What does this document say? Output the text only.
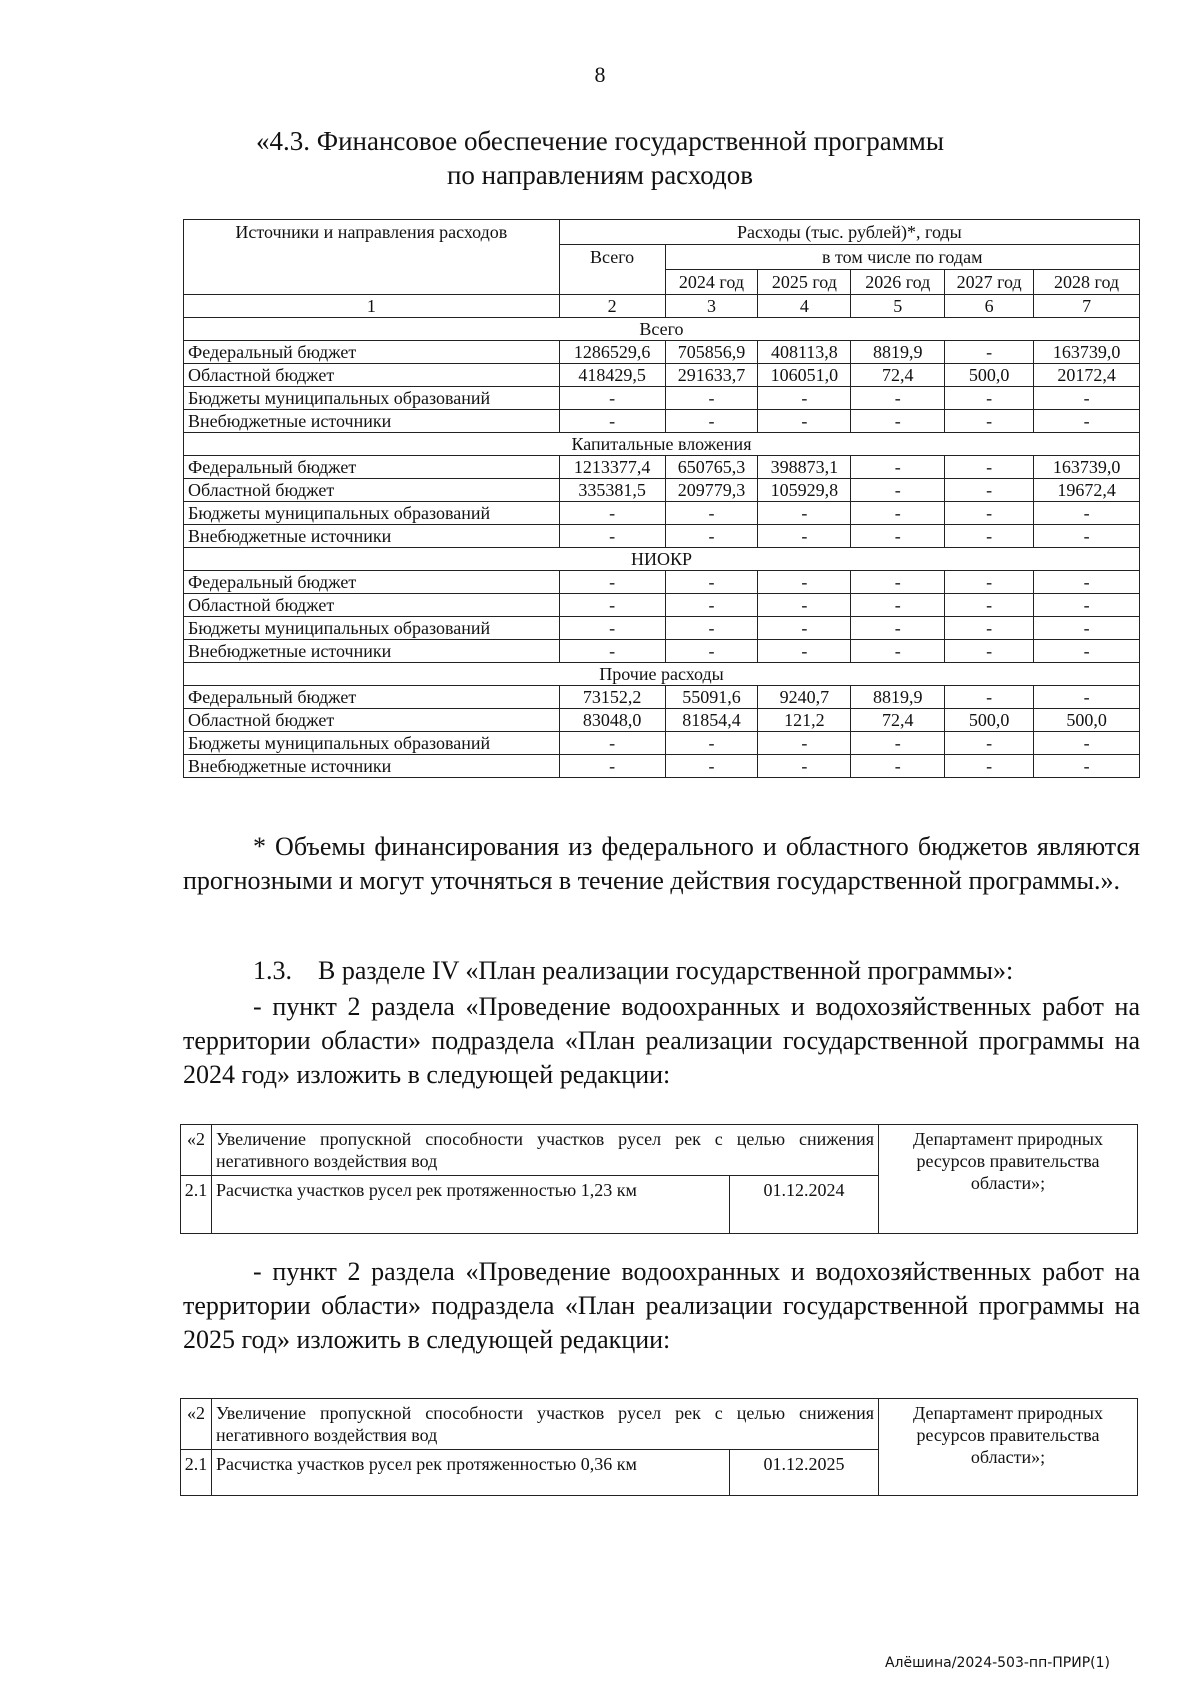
8
«4.3. Финансовое обеспечение государственной программы
по направлениям расходов
Источники и направления расходов	Расходы (тыс. рублей)*, годы					
	Всего	в том числе по годам				
		2024 год	2025 год	2026 год	2027 год	2028 год
1	2	3	4	5	6	7
Всего						
Федеральный бюджет	1286529,6	705856,9	408113,8	8819,9	-	163739,0
Областной бюджет	418429,5	291633,7	106051,0	72,4	500,0	20172,4
Бюджеты муниципальных образований	-	-	-	-	-	-
Внебюджетные источники	-	-	-	-	-	-
Капитальные вложения						
Федеральный бюджет	1213377,4	650765,3	398873,1	-	-	163739,0
Областной бюджет	335381,5	209779,3	105929,8	-	-	19672,4
Бюджеты муниципальных образований	-	-	-	-	-	-
Внебюджетные источники	-	-	-	-	-	-
НИОКР						
Федеральный бюджет	-	-	-	-	-	-
Областной бюджет	-	-	-	-	-	-
Бюджеты муниципальных образований	-	-	-	-	-	-
Внебюджетные источники	-	-	-	-	-	-
Прочие расходы						
Федеральный бюджет	73152,2	55091,6	9240,7	8819,9	-	-
Областной бюджет	83048,0	81854,4	121,2	72,4	500,0	500,0
Бюджеты муниципальных образований	-	-	-	-	-	-
Внебюджетные источники	-	-	-	-	-	-
* Объемы финансирования из федерального и областного бюджетов являются прогнозными и могут уточняться в течение действия государственной программы.».
1.3.    В разделе IV «План реализации государственной программы»:
- пункт 2 раздела «Проведение водоохранных и водохозяйственных работ на территории области» подраздела «План реализации государственной программы на 2024 год» изложить в следующей редакции:
«2	Увеличение пропускной способности участков русел рек с целью снижения негативного воздействия вод		Департамент природных ресурсов правительства области»;
2.1	Расчистка участков русел рек протяженностью 1,23 км	01.12.2024	
- пункт 2 раздела «Проведение водоохранных и водохозяйственных работ на территории области» подраздела «План реализации государственной программы на 2025 год» изложить в следующей редакции:
«2	Увеличение пропускной способности участков русел рек с целью снижения негативного воздействия вод		Департамент природных ресурсов правительства области»;
2.1	Расчистка участков русел рек протяженностью 0,36 км	01.12.2025	
Алёшина/2024-503-пп-ПРИР(1)
